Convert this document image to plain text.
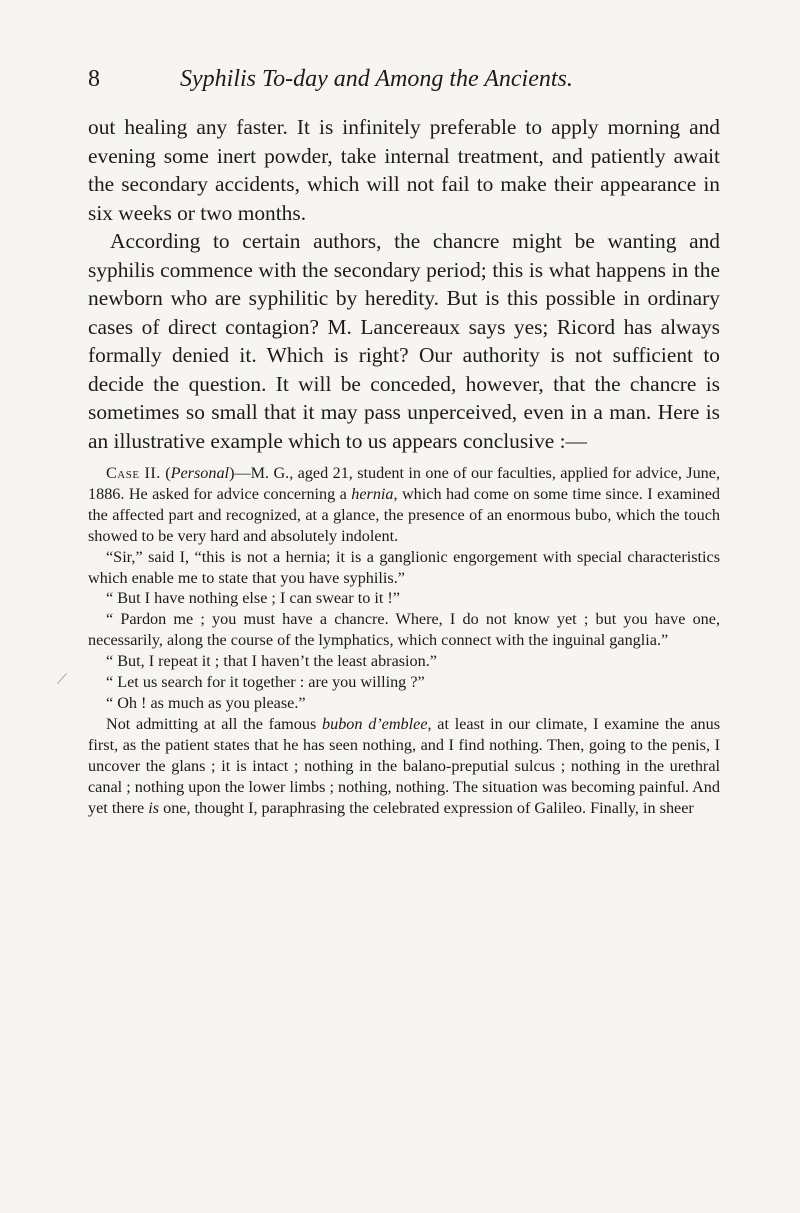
8	Syphilis To-day and Among the Ancients.

out healing any faster. It is infinitely preferable to apply morning and evening some inert powder, take internal treatment, and patiently await the secondary accidents, which will not fail to make their appearance in six weeks or two months.

According to certain authors, the chancre might be wanting and syphilis commence with the secondary period; this is what happens in the newborn who are syphilitic by heredity. But is this possible in ordinary cases of direct contagion? M. Lancereaux says yes; Ricord has always formally denied it. Which is right? Our authority is not sufficient to decide the question. It will be conceded, however, that the chancre is sometimes so small that it may pass unperceived, even in a man. Here is an illustrative example which to us appears conclusive :—

Case II. (Personal)—M. G., aged 21, student in one of our faculties, applied for advice, June, 1886. He asked for advice concerning a hernia, which had come on some time since. I examined the affected part and recognized, at a glance, the presence of an enormous bubo, which the touch showed to be very hard and absolutely indolent.

“Sir,” said I, “this is not a hernia; it is a ganglionic engorgement with special characteristics which enable me to state that you have syphilis.”

“ But I have nothing else ; I can swear to it !”

“ Pardon me ; you must have a chancre. Where, I do not know yet ; but you have one, necessarily, along the course of the lymphatics, which connect with the inguinal ganglia.”

“ But, I repeat it ; that I haven’t the least abrasion.”

“ Let us search for it together : are you willing ?”

“ Oh ! as much as you please.”

Not admitting at all the famous bubon d’emblee, at least in our climate, I examine the anus first, as the patient states that he has seen nothing, and I find nothing. Then, going to the penis, I uncover the glans ; it is intact ; nothing in the balano-preputial sulcus ; nothing in the urethral canal ; nothing upon the lower limbs ; nothing, nothing. The situation was becoming painful. And yet there is one, thought I, paraphrasing the celebrated expression of Galileo. Finally, in sheer
